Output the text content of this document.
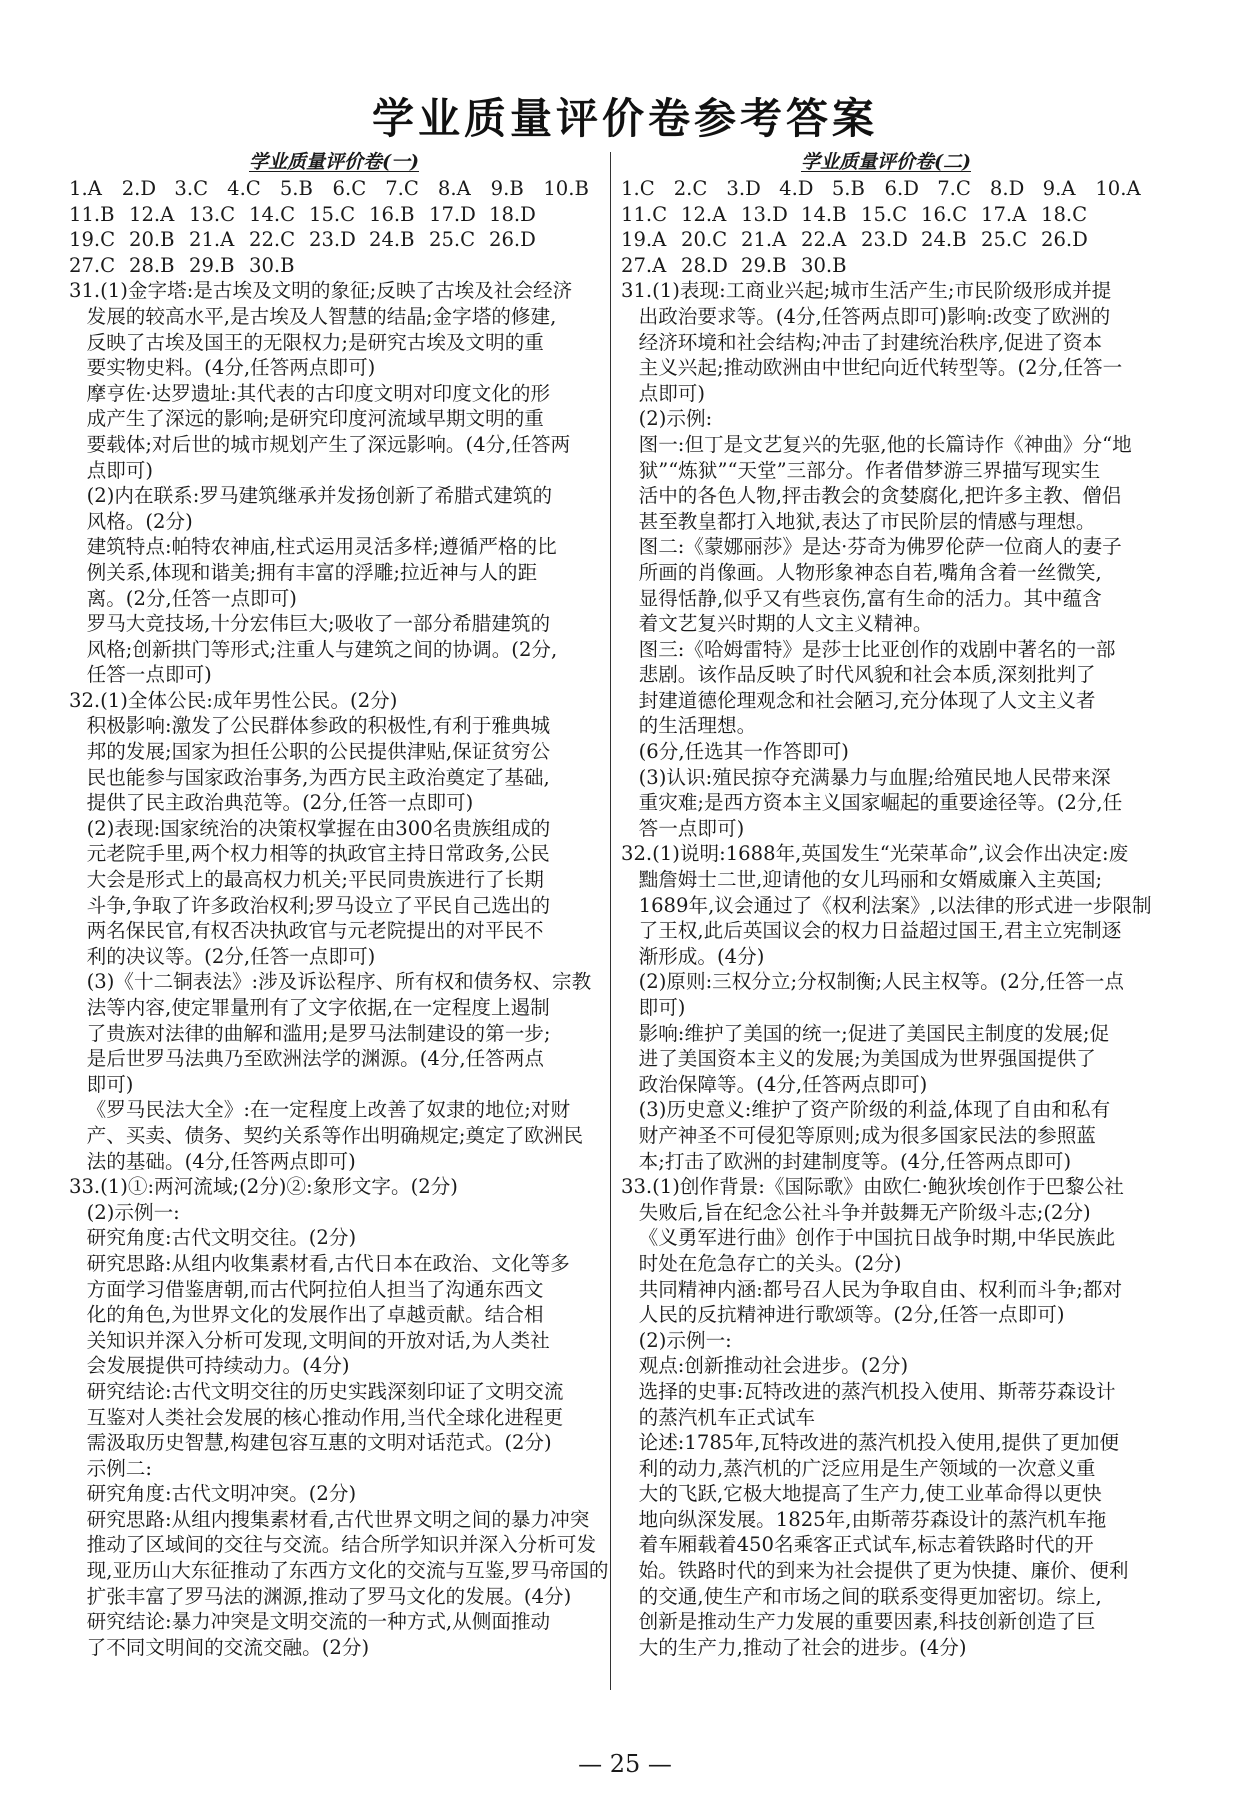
学业质量评价卷参考答案
学业质量评价卷(一)
1.A	2.D 3.C 4.C 5.B	6.C 7.C 8.A	9.B	10.B
11.B 12.A 13.C 14.C 15.C 16.B 17.D 18.D
19.C 20.B 21.A 22.C 23.D 24.B 25.C 26.D
27.C 28.B 29.B 30.B
31.(1)金字塔:是古埃及文明的象征;反映了古埃及社会经济
发展的较高水平,是古埃及人智慧的结晶;金字塔的修建,
反映了古埃及国王的无限权力;是研究古埃及文明的重
要实物史料。(4分,任答两点即可)
摩亨佐·达罗遗址:其代表的古印度文明对印度文化的形
成产生了深远的影响;是研究印度河流域早期文明的重
要载体;对后世的城市规划产生了深远影响。(4分,任答两
点即可)
(2)内在联系:罗马建筑继承并发扬创新了希腊式建筑的
风格。(2分)
建筑特点:帕特农神庙,柱式运用灵活多样;遵循严格的比
例关系,体现和谐美;拥有丰富的浮雕;拉近神与人的距
离。(2分,任答一点即可)
罗马大竞技场,十分宏伟巨大;吸收了一部分希腊建筑的
风格;创新拱门等形式;注重人与建筑之间的协调。(2分,
任答一点即可)
32.(1)全体公民:成年男性公民。(2分)
积极影响:激发了公民群体参政的积极性,有利于雅典城
邦的发展;国家为担任公职的公民提供津贴,保证贫穷公
民也能参与国家政治事务,为西方民主政治奠定了基础,
提供了民主政治典范等。(2分,任答一点即可)
(2)表现:国家统治的决策权掌握在由300名贵族组成的
元老院手里,两个权力相等的执政官主持日常政务,公民
大会是形式上的最高权力机关;平民同贵族进行了长期
斗争,争取了许多政治权利;罗马设立了平民自己选出的
两名保民官,有权否决执政官与元老院提出的对平民不
利的决议等。(2分,任答一点即可)
(3)《十二铜表法》:涉及诉讼程序、所有权和债务权、宗教
法等内容,使定罪量刑有了文字依据,在一定程度上遏制
了贵族对法律的曲解和滥用;是罗马法制建设的第一步;
是后世罗马法典乃至欧洲法学的渊源。(4分,任答两点
即可)
《罗马民法大全》:在一定程度上改善了奴隶的地位;对财
产、买卖、债务、契约关系等作出明确规定;奠定了欧洲民
法的基础。(4分,任答两点即可)
33.(1)①:两河流域;(2分)②:象形文字。(2分)
(2)示例一:
研究角度:古代文明交往。(2分)
研究思路:从组内收集素材看,古代日本在政治、文化等多
方面学习借鉴唐朝,而古代阿拉伯人担当了沟通东西文
化的角色,为世界文化的发展作出了卓越贡献。结合相
关知识并深入分析可发现,文明间的开放对话,为人类社
会发展提供可持续动力。(4分)
研究结论:古代文明交往的历史实践深刻印证了文明交流
互鉴对人类社会发展的核心推动作用,当代全球化进程更
需汲取历史智慧,构建包容互惠的文明对话范式。(2分)
示例二:
研究角度:古代文明冲突。(2分)
研究思路:从组内搜集素材看,古代世界文明之间的暴力冲突
推动了区域间的交往与交流。结合所学知识并深入分析可发
现,亚历山大东征推动了东西方文化的交流与互鉴,罗马帝国的
扩张丰富了罗马法的渊源,推动了罗马文化的发展。(4分)
研究结论:暴力冲突是文明交流的一种方式,从侧面推动
了不同文明间的交流交融。(2分)
学业质量评价卷(二)
1.C 2.C 3.D 4.D 5.B	6.D 7.C 8.D 9.A	10.A
11.C 12.A 13.D 14.B 15.C 16.C 17.A 18.C
19.A 20.C 21.A 22.A 23.D 24.B 25.C 26.D
27.A 28.D 29.B 30.B
31.(1)表现:工商业兴起;城市生活产生;市民阶级形成并提
出政治要求等。(4分,任答两点即可)影响:改变了欧洲的
经济环境和社会结构;冲击了封建统治秩序,促进了资本
主义兴起;推动欧洲由中世纪向近代转型等。(2分,任答一
点即可)
(2)示例:
图一:但丁是文艺复兴的先驱,他的长篇诗作《神曲》分“地
狱”“炼狱”“天堂”三部分。作者借梦游三界描写现实生
活中的各色人物,抨击教会的贪婪腐化,把许多主教、僧侣
甚至教皇都打入地狱,表达了市民阶层的情感与理想。
图二:《蒙娜丽莎》是达·芬奇为佛罗伦萨一位商人的妻子
所画的肖像画。人物形象神态自若,嘴角含着一丝微笑,
显得恬静,似乎又有些哀伤,富有生命的活力。其中蕴含
着文艺复兴时期的人文主义精神。
图三:《哈姆雷特》是莎士比亚创作的戏剧中著名的一部
悲剧。该作品反映了时代风貌和社会本质,深刻批判了
封建道德伦理观念和社会陋习,充分体现了人文主义者
的生活理想。
(6分,任选其一作答即可)
(3)认识:殖民掠夺充满暴力与血腥;给殖民地人民带来深
重灾难;是西方资本主义国家崛起的重要途径等。(2分,任
答一点即可)
32.(1)说明:1688年,英国发生“光荣革命”,议会作出决定:废
黜詹姆士二世,迎请他的女儿玛丽和女婿威廉入主英国;
1689年,议会通过了《权利法案》,以法律的形式进一步限制
了王权,此后英国议会的权力日益超过国王,君主立宪制逐
渐形成。(4分)
(2)原则:三权分立;分权制衡;人民主权等。(2分,任答一点
即可)
影响:维护了美国的统一;促进了美国民主制度的发展;促
进了美国资本主义的发展;为美国成为世界强国提供了
政治保障等。(4分,任答两点即可)
(3)历史意义:维护了资产阶级的利益,体现了自由和私有
财产神圣不可侵犯等原则;成为很多国家民法的参照蓝
本;打击了欧洲的封建制度等。(4分,任答两点即可)
33.(1)创作背景:《国际歌》由欧仁·鲍狄埃创作于巴黎公社
失败后,旨在纪念公社斗争并鼓舞无产阶级斗志;(2分)
《义勇军进行曲》创作于中国抗日战争时期,中华民族此
时处在危急存亡的关头。(2分)
共同精神内涵:都号召人民为争取自由、权利而斗争;都对
人民的反抗精神进行歌颂等。(2分,任答一点即可)
(2)示例一:
观点:创新推动社会进步。(2分)
选择的史事:瓦特改进的蒸汽机投入使用、斯蒂芬森设计
的蒸汽机车正式试车
论述:1785年,瓦特改进的蒸汽机投入使用,提供了更加便
利的动力,蒸汽机的广泛应用是生产领域的一次意义重
大的飞跃,它极大地提高了生产力,使工业革命得以更快
地向纵深发展。1825年,由斯蒂芬森设计的蒸汽机车拖
着车厢载着450名乘客正式试车,标志着铁路时代的开
始。铁路时代的到来为社会提供了更为快捷、廉价、便利
的交通,使生产和市场之间的联系变得更加密切。综上,
创新是推动生产力发展的重要因素,科技创新创造了巨
大的生产力,推动了社会的进步。(4分)
— 25 —
